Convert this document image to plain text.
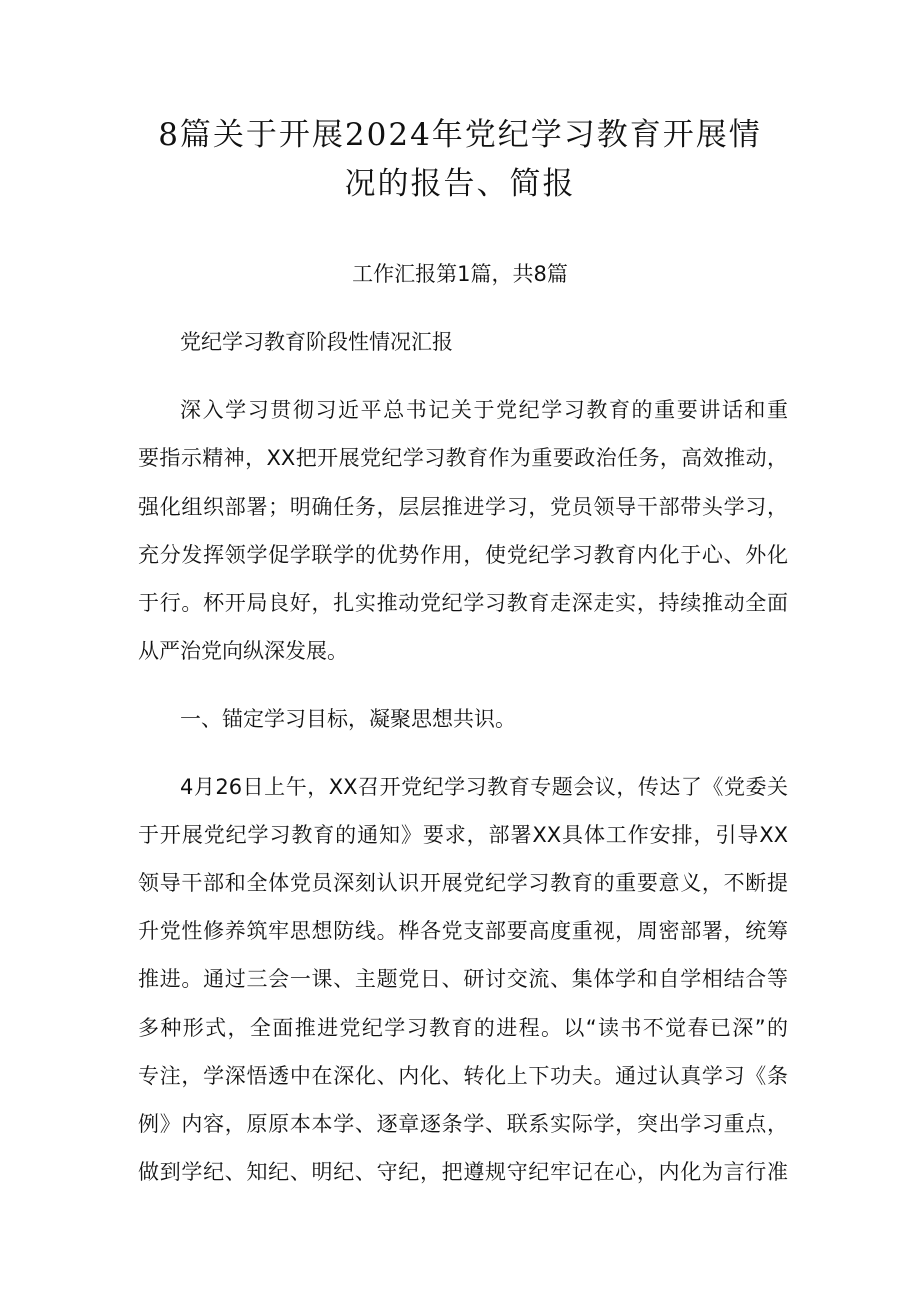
8篇关于开展2024年党纪学习教育开展情
况的报告、简报
工作汇报第1篇，共8篇
党纪学习教育阶段性情况汇报
深入学习贯彻习近平总书记关于党纪学习教育的重要讲话和重
要指示精神，XX把开展党纪学习教育作为重要政治任务，高效推动，
强化组织部署；明确任务，层层推进学习，党员领导干部带头学习，
充分发挥领学促学联学的优势作用，使党纪学习教育内化于心、外化
于行。杯开局良好，扎实推动党纪学习教育走深走实，持续推动全面
从严治党向纵深发展。
一、锚定学习目标，凝聚思想共识。
4月26日上午，XX召开党纪学习教育专题会议，传达了《党委关
于开展党纪学习教育的通知》要求，部署XX具体工作安排，引导XX
领导干部和全体党员深刻认识开展党纪学习教育的重要意义，不断提
升党性修养筑牢思想防线。桦各党支部要高度重视，周密部署，统筹
推进。通过三会一课、主题党日、研讨交流、集体学和自学相结合等
多种形式，全面推进党纪学习教育的进程。以“读书不觉春已深”的
专注，学深悟透中在深化、内化、转化上下功夫。通过认真学习《条
例》内容，原原本本学、逐章逐条学、联系实际学，突出学习重点，
做到学纪、知纪、明纪、守纪，把遵规守纪牢记在心，内化为言行准
